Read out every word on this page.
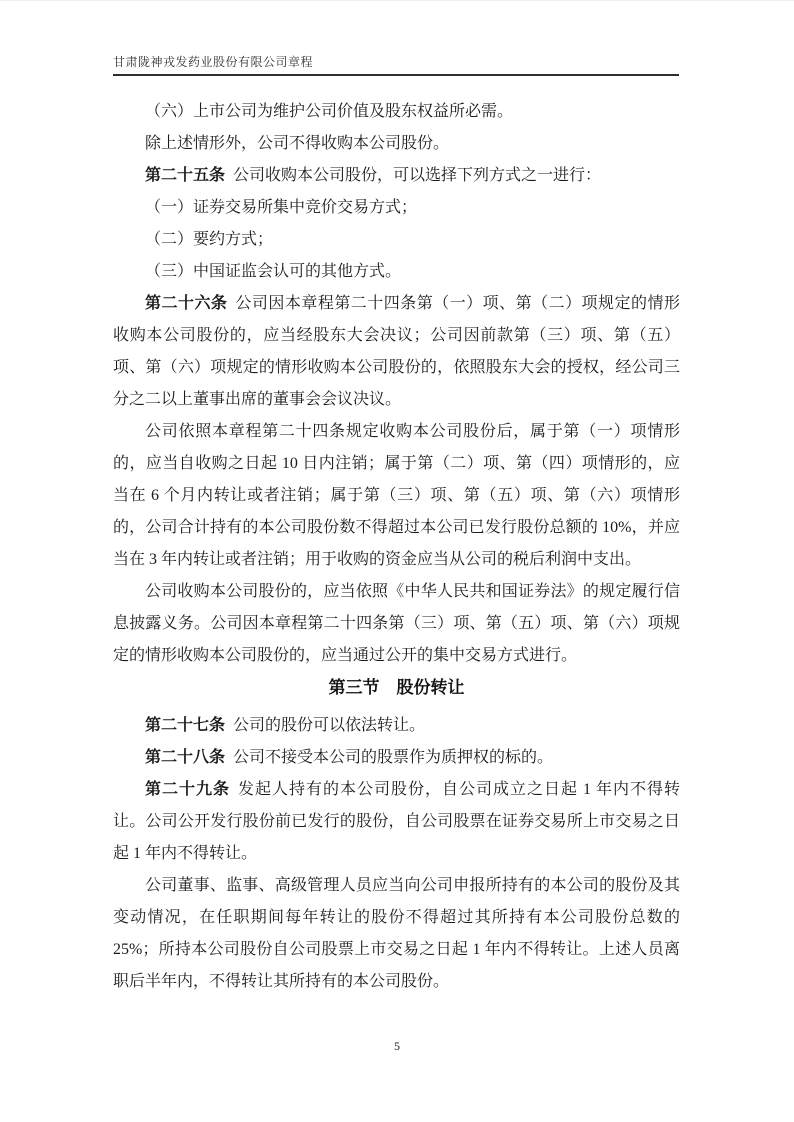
甘肃陇神戎发药业股份有限公司章程

（六）上市公司为维护公司价值及股东权益所必需。

除上述情形外，公司不得收购本公司股份。

第二十五条 公司收购本公司股份，可以选择下列方式之一进行：

（一）证券交易所集中竞价交易方式；

（二）要约方式；

（三）中国证监会认可的其他方式。

第二十六条 公司因本章程第二十四条第（一）项、第（二）项规定的情形收购本公司股份的，应当经股东大会决议；公司因前款第（三）项、第（五）项、第（六）项规定的情形收购本公司股份的，依照股东大会的授权，经公司三分之二以上董事出席的董事会会议决议。

公司依照本章程第二十四条规定收购本公司股份后，属于第（一）项情形的，应当自收购之日起 10 日内注销；属于第（二）项、第（四）项情形的，应当在 6 个月内转让或者注销；属于第（三）项、第（五）项、第（六）项情形的，公司合计持有的本公司股份数不得超过本公司已发行股份总额的 10%，并应当在 3 年内转让或者注销；用于收购的资金应当从公司的税后利润中支出。

公司收购本公司股份的，应当依照《中华人民共和国证券法》的规定履行信息披露义务。公司因本章程第二十四条第（三）项、第（五）项、第（六）项规定的情形收购本公司股份的，应当通过公开的集中交易方式进行。

第三节　股份转让

第二十七条 公司的股份可以依法转让。

第二十八条 公司不接受本公司的股票作为质押权的标的。

第二十九条 发起人持有的本公司股份，自公司成立之日起 1 年内不得转让。公司公开发行股份前已发行的股份，自公司股票在证券交易所上市交易之日起 1 年内不得转让。

公司董事、监事、高级管理人员应当向公司申报所持有的本公司的股份及其变动情况，在任职期间每年转让的股份不得超过其所持有本公司股份总数的 25%；所持本公司股份自公司股票上市交易之日起 1 年内不得转让。上述人员离职后半年内，不得转让其所持有的本公司股份。

5
